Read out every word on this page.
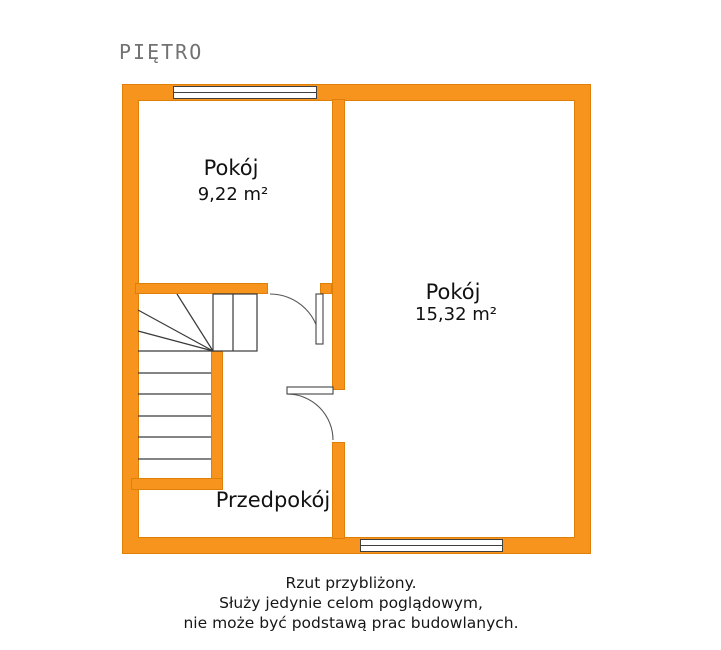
PIĘTRO
Pokój
9,22 m²
Pokój
15,32 m²
Przedpokój
Rzut przybliżony.
Służy jedynie celom poglądowym,
nie może być podstawą prac budowlanych.
